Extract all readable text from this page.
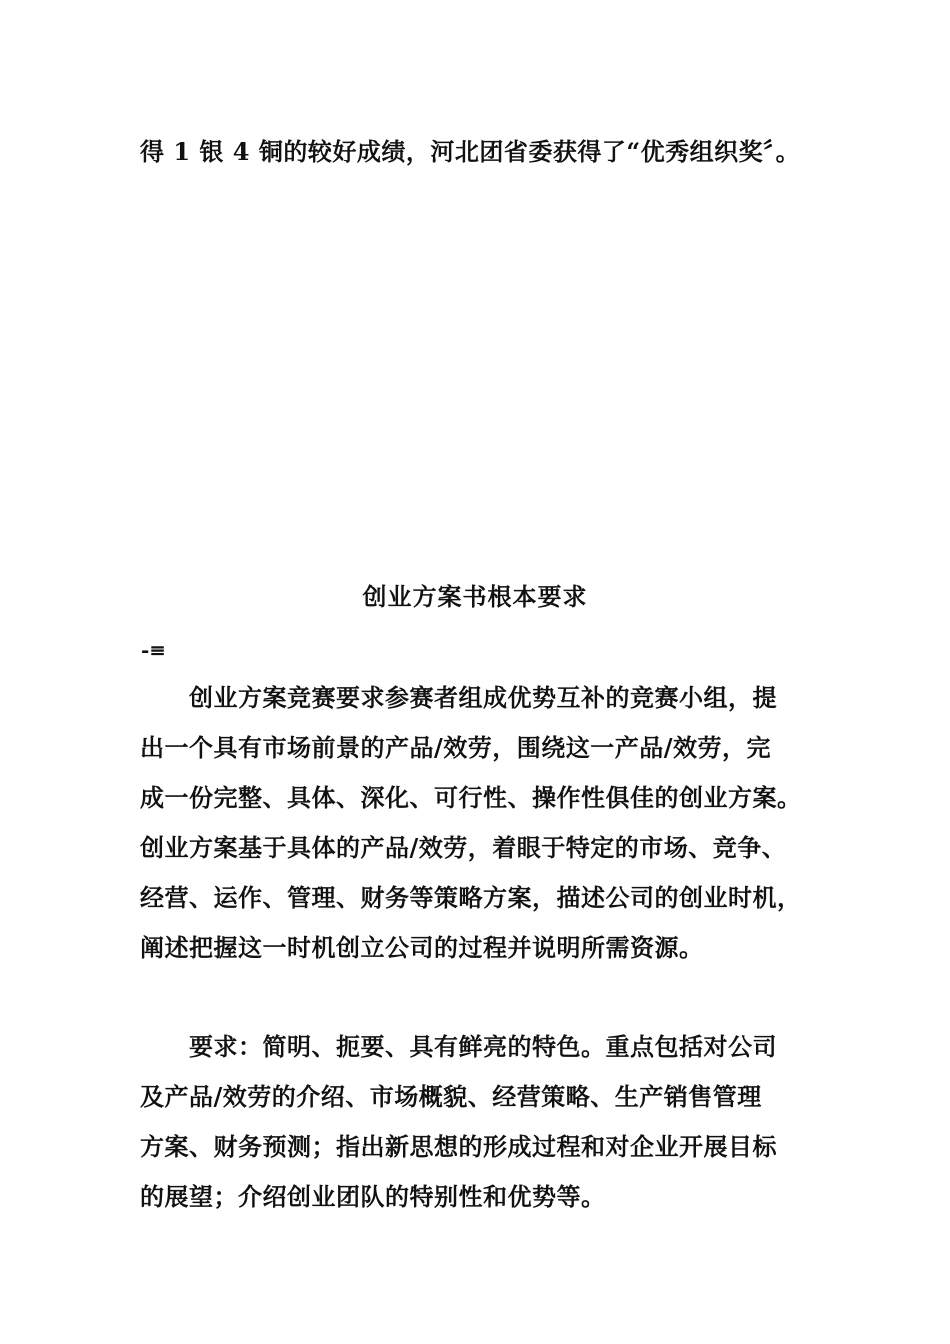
得 1 银 4 铜的较好成绩，河北团省委获得了“优秀组织奖〞。
创业方案书根本要求
-≡
　　创业方案竞赛要求参赛者组成优势互补的竞赛小组，提
出一个具有市场前景的产品/效劳，围绕这一产品/效劳，完
成一份完整、具体、深化、可行性、操作性俱佳的创业方案。
创业方案基于具体的产品/效劳，着眼于特定的市场、竞争、
经营、运作、管理、财务等策略方案，描述公司的创业时机，
阐述把握这一时机创立公司的过程并说明所需资源。
　　要求：简明、扼要、具有鲜亮的特色。重点包括对公司
及产品/效劳的介绍、市场概貌、经营策略、生产销售管理
方案、财务预测；指出新思想的形成过程和对企业开展目标
的展望；介绍创业团队的特别性和优势等。
